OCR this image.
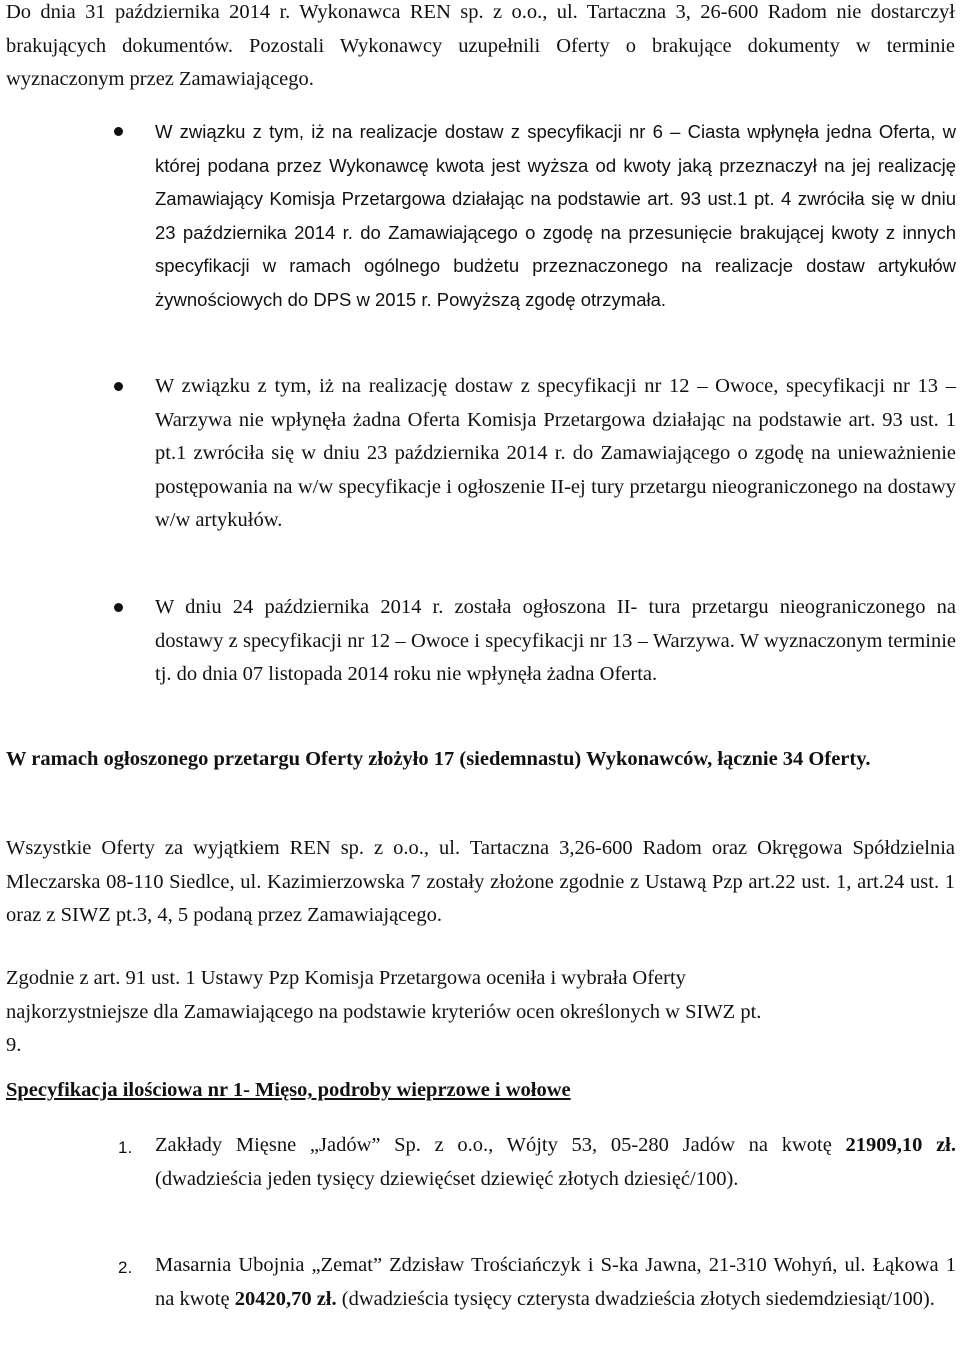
Do dnia 31 października 2014 r. Wykonawca REN sp. z o.o., ul. Tartaczna 3, 26-600 Radom nie dostarczył brakujących dokumentów. Pozostali Wykonawcy uzupełnili Oferty o brakujące dokumenty w terminie wyznaczonym przez Zamawiającego.

W związku z tym, iż na realizacje dostaw z specyfikacji nr 6 – Ciasta wpłynęła jedna Oferta, w której podana przez Wykonawcę kwota jest wyższa od kwoty jaką przeznaczył na jej realizację Zamawiający Komisja Przetargowa działając na podstawie art. 93 ust.1 pt. 4 zwróciła się w dniu 23 października 2014 r. do Zamawiającego o zgodę na przesunięcie brakującej kwoty z innych specyfikacji w ramach ogólnego budżetu przeznaczonego na realizacje dostaw artykułów żywnościowych do DPS w 2015 r. Powyższą zgodę otrzymała.

W związku z tym, iż na realizację dostaw z specyfikacji nr 12 – Owoce, specyfikacji nr 13 – Warzywa nie wpłynęła żadna Oferta Komisja Przetargowa działając na podstawie art. 93 ust. 1 pt.1 zwróciła się w dniu 23 października 2014 r. do Zamawiającego o zgodę na unieważnienie postępowania na w/w specyfikacje i ogłoszenie II-ej tury przetargu nieograniczonego na dostawy w/w artykułów.

W dniu 24 października 2014 r. została ogłoszona II- tura przetargu nieograniczonego na dostawy z specyfikacji nr 12 – Owoce i specyfikacji nr 13 – Warzywa. W wyznaczonym terminie tj. do dnia 07 listopada 2014 roku nie wpłynęła żadna Oferta.

W ramach ogłoszonego przetargu Oferty złożyło 17 (siedemnastu) Wykonawców, łącznie 34 Oferty.

Wszystkie Oferty za wyjątkiem REN sp. z o.o., ul. Tartaczna 3,26-600 Radom oraz Okręgowa Spółdzielnia Mleczarska 08-110 Siedlce, ul. Kazimierzowska 7 zostały złożone zgodnie z Ustawą Pzp art.22 ust. 1, art.24 ust. 1 oraz z SIWZ pt.3, 4, 5 podaną przez Zamawiającego.

Zgodnie z art. 91 ust. 1 Ustawy Pzp Komisja Przetargowa oceniła i wybrała Oferty
najkorzystniejsze dla Zamawiającego na podstawie kryteriów ocen określonych w SIWZ pt.
9.

Specyfikacja ilościowa nr 1- Mięso, podroby wieprzowe i wołowe

1. Zakłady Mięsne „Jadów” Sp. z o.o., Wójty 53, 05-280 Jadów na kwotę 21909,10 zł. (dwadzieścia jeden tysięcy dziewięćset dziewięć złotych dziesięć/100).

2. Masarnia Ubojnia „Zemat” Zdzisław Trościańczyk i S-ka Jawna, 21-310 Wohyń, ul. Łąkowa 1 na kwotę 20420,70 zł. (dwadzieścia tysięcy czterysta dwadzieścia złotych siedemdziesiąt/100).
